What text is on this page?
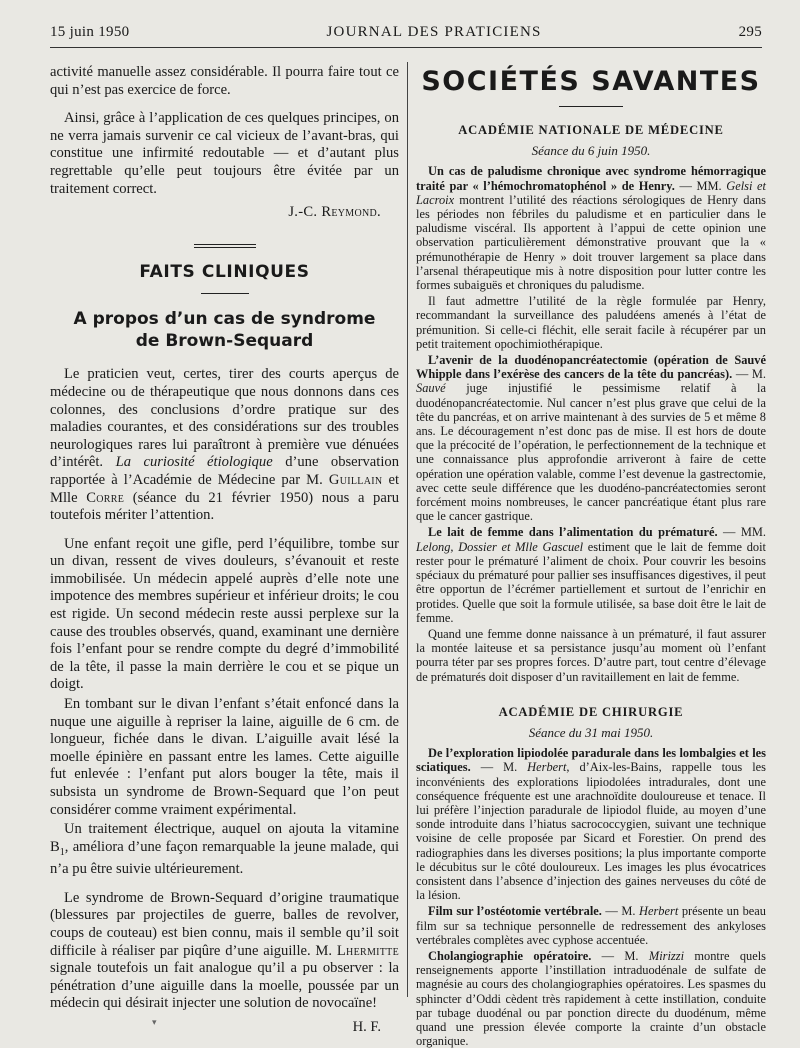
15 juin 1950	JOURNAL DES PRATICIENS	295

activité manuelle assez considérable. Il pourra faire tout ce qui n’est pas exercice de force.

Ainsi, grâce à l’application de ces quelques principes, on ne verra jamais survenir ce cal vicieux de l’avant-bras, qui constitue une infirmité redoutable — et d’autant plus regrettable qu’elle peut toujours être évitée par un traitement correct.

J.-C. Reymond.

FAITS CLINIQUES
A propos d’un cas de syndrome
de Brown-Sequard

Le praticien veut, certes, tirer des courts aperçus de médecine ou de thérapeutique que nous donnons dans ces colonnes, des conclusions d’ordre pratique sur des maladies courantes, et des considérations sur des troubles neurologiques rares lui paraîtront à première vue dénuées d’intérêt. La curiosité étiologique d’une observation rapportée à l’Académie de Médecine par M. Guillain et Mlle Corre (séance du 21 février 1950) nous a paru toutefois mériter l’attention.

Une enfant reçoit une gifle, perd l’équilibre, tombe sur un divan, ressent de vives douleurs, s’évanouit et reste immobilisée. Un médecin appelé auprès d’elle note une impotence des membres supérieur et inférieur droits; le cou est rigide. Un second médecin reste aussi perplexe sur la cause des troubles observés, quand, examinant une dernière fois l’enfant pour se rendre compte du degré d’immobilité de la tête, il passe la main derrière le cou et se pique un doigt.

En tombant sur le divan l’enfant s’était enfoncé dans la nuque une aiguille à repriser la laine, aiguille de 6 cm. de longueur, fichée dans le divan. L’aiguille avait lésé la moelle épinière en passant entre les lames. Cette aiguille fut enlevée : l’enfant put alors bouger la tête, mais il subsista un syndrome de Brown-Sequard que l’on peut considérer comme vraiment expérimental.

Un traitement électrique, auquel on ajouta la vitamine $B_1$, améliora d’une façon remarquable la jeune malade, qui n’a pu être suivie ultérieurement.

Le syndrome de Brown-Sequard d’origine traumatique (blessures par projectiles de guerre, balles de revolver, coups de couteau) est bien connu, mais il semble qu’il soit difficile à réaliser par piqûre d’une aiguille. M. Lhermitte signale toutefois un fait analogue qu’il a pu observer : la pénétration d’une aiguille dans la moelle, poussée par un médecin qui désirait injecter une solution de novocaïne!

H. F.

SOCIÉTÉS SAVANTES
ACADÉMIE NATIONALE DE MÉDECINE
Séance du 6 juin 1950.

Un cas de paludisme chronique avec syndrome hémorragique traité par « l’hémochromatophénol » de Henry. — MM. Gelsi et Lacroix montrent l’utilité des réactions sérologiques de Henry dans les périodes non fébriles du paludisme et en particulier dans le paludisme viscéral. Ils apportent à l’appui de cette opinion une observation particulièrement démonstrative prouvant que la « prémunothérapie de Henry » doit trouver largement sa place dans l’arsenal thérapeutique mis à notre disposition pour lutter contre les formes subaiguës et chroniques du paludisme.

Il faut admettre l’utilité de la règle formulée par Henry, recommandant la surveillance des paludéens amenés à l’état de prémunition. Si celle-ci fléchit, elle serait facile à récupérer par un petit traitement opochimiothérapique.

L’avenir de la duodénopancréatectomie (opération de Sauvé Whipple dans l’exérèse des cancers de la tête du pancréas). — M. Sauvé juge injustifié le pessimisme relatif à la duodénopancréatectomie. Nul cancer n’est plus grave que celui de la tête du pancréas, et on arrive maintenant à des survies de 5 et même 8 ans. Le découragement n’est donc pas de mise. Il est hors de doute que la précocité de l’opération, le perfectionnement de la technique et une connaissance plus approfondie arriveront à faire de cette opération une opération valable, comme l’est devenue la gastrectomie, avec cette seule différence que les duodéno-pancréatectomies seront forcément moins nombreuses, le cancer pancréatique étant plus rare que le cancer gastrique.

Le lait de femme dans l’alimentation du prématuré. — MM. Lelong, Dossier et Mlle Gascuel estiment que le lait de femme doit rester pour le prématuré l’aliment de choix. Pour couvrir les besoins spéciaux du prématuré pour pallier ses insuffisances digestives, il peut être opportun de l’écrémer partiellement et surtout de l’enrichir en protides. Quelle que soit la formule utilisée, sa base doit être le lait de femme.

Quand une femme donne naissance à un prématuré, il faut assurer la montée laiteuse et sa persistance jusqu’au moment où l’enfant pourra téter par ses propres forces. D’autre part, tout centre d’élevage de prématurés doit disposer d’un ravitaillement en lait de femme.

ACADÉMIE DE CHIRURGIE
Séance du 31 mai 1950.

De l’exploration lipiodolée paradurale dans les lombalgies et les sciatiques. — M. Herbert, d’Aix-les-Bains, rappelle tous les inconvénients des explorations lipiodolées intradurales, dont une conséquence fréquente est une arachnoïdite douloureuse et tenace. Il lui préfère l’injection paradurale de lipiodol fluide, au moyen d’une sonde introduite dans l’hiatus sacrococcygien, suivant une technique voisine de celle proposée par Sicard et Forestier. On prend des radiographies dans les diverses positions; la plus importante comporte le décubitus sur le côté douloureux. Les images les plus évocatrices consistent dans l’absence d’injection des gaines nerveuses du côté de la lésion.

Film sur l’ostéotomie vertébrale. — M. Herbert présente un beau film sur sa technique personnelle de redressement des ankyloses vertébrales complètes avec cyphose accentuée.

Cholangiographie opératoire. — M. Mirizzi montre quels renseignements apporte l’instillation intraduodénale de sulfate de magnésie au cours des cholangiographies opératoires. Les spasmes du sphincter d’Oddi cèdent très rapidement à cette instillation, conduite par tubage duodénal ou par ponction directe du duodénum, même quand une pression élevée comporte la crainte d’un obstacle organique.

▾
